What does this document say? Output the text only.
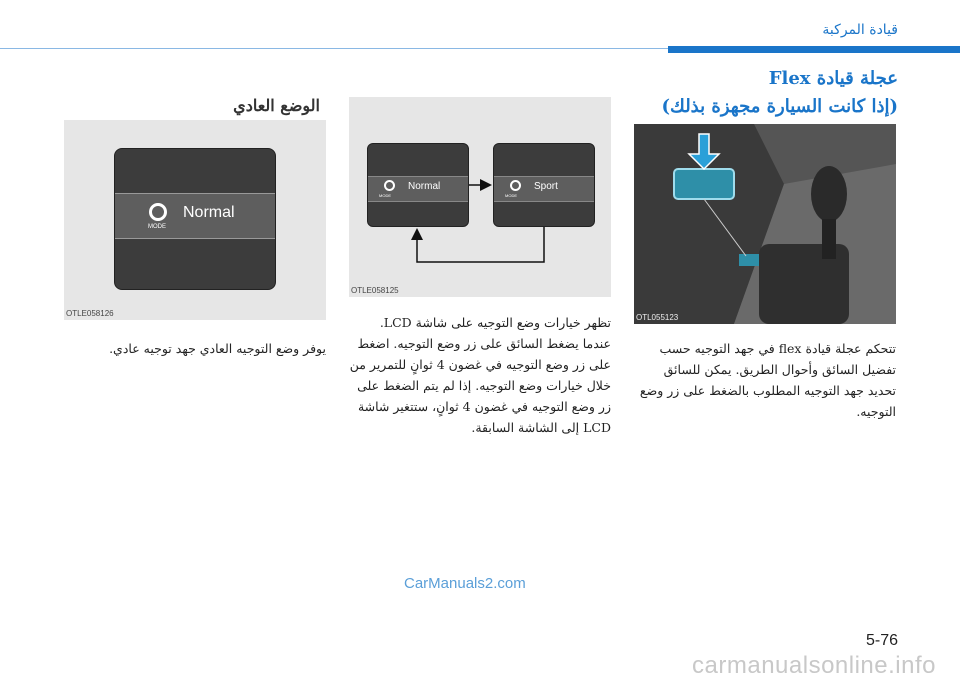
قيادة المركبة
عجلة قيادة Flex
(إذا كانت السيارة مجهزة بذلك)
الوضع العادي
OTL055123
MODE
Normal
MODE
Sport
OTLE058125
MODE
Normal
OTLE058126
تتحكم عجلة قيادة flex في جهد التوجيه حسب تفضيل السائق وأحوال الطريق. يمكن للسائق تحديد جهد التوجيه المطلوب بالضغط على زر وضع التوجيه.
تظهر خيارات وضع التوجيه على شاشة LCD. عندما يضغط السائق على زر وضع التوجيه. اضغط على زر وضع التوجيه في غضون 4 ثوانٍ للتمرير من خلال خيارات وضع التوجيه. إذا لم يتم الضغط على زر وضع التوجيه في غضون 4 ثوانٍ، ستتغير شاشة LCD إلى الشاشة السابقة.
يوفر وضع التوجيه العادي جهد توجيه عادي.
CarManuals2.com
5-76
carmanualsonline.info
